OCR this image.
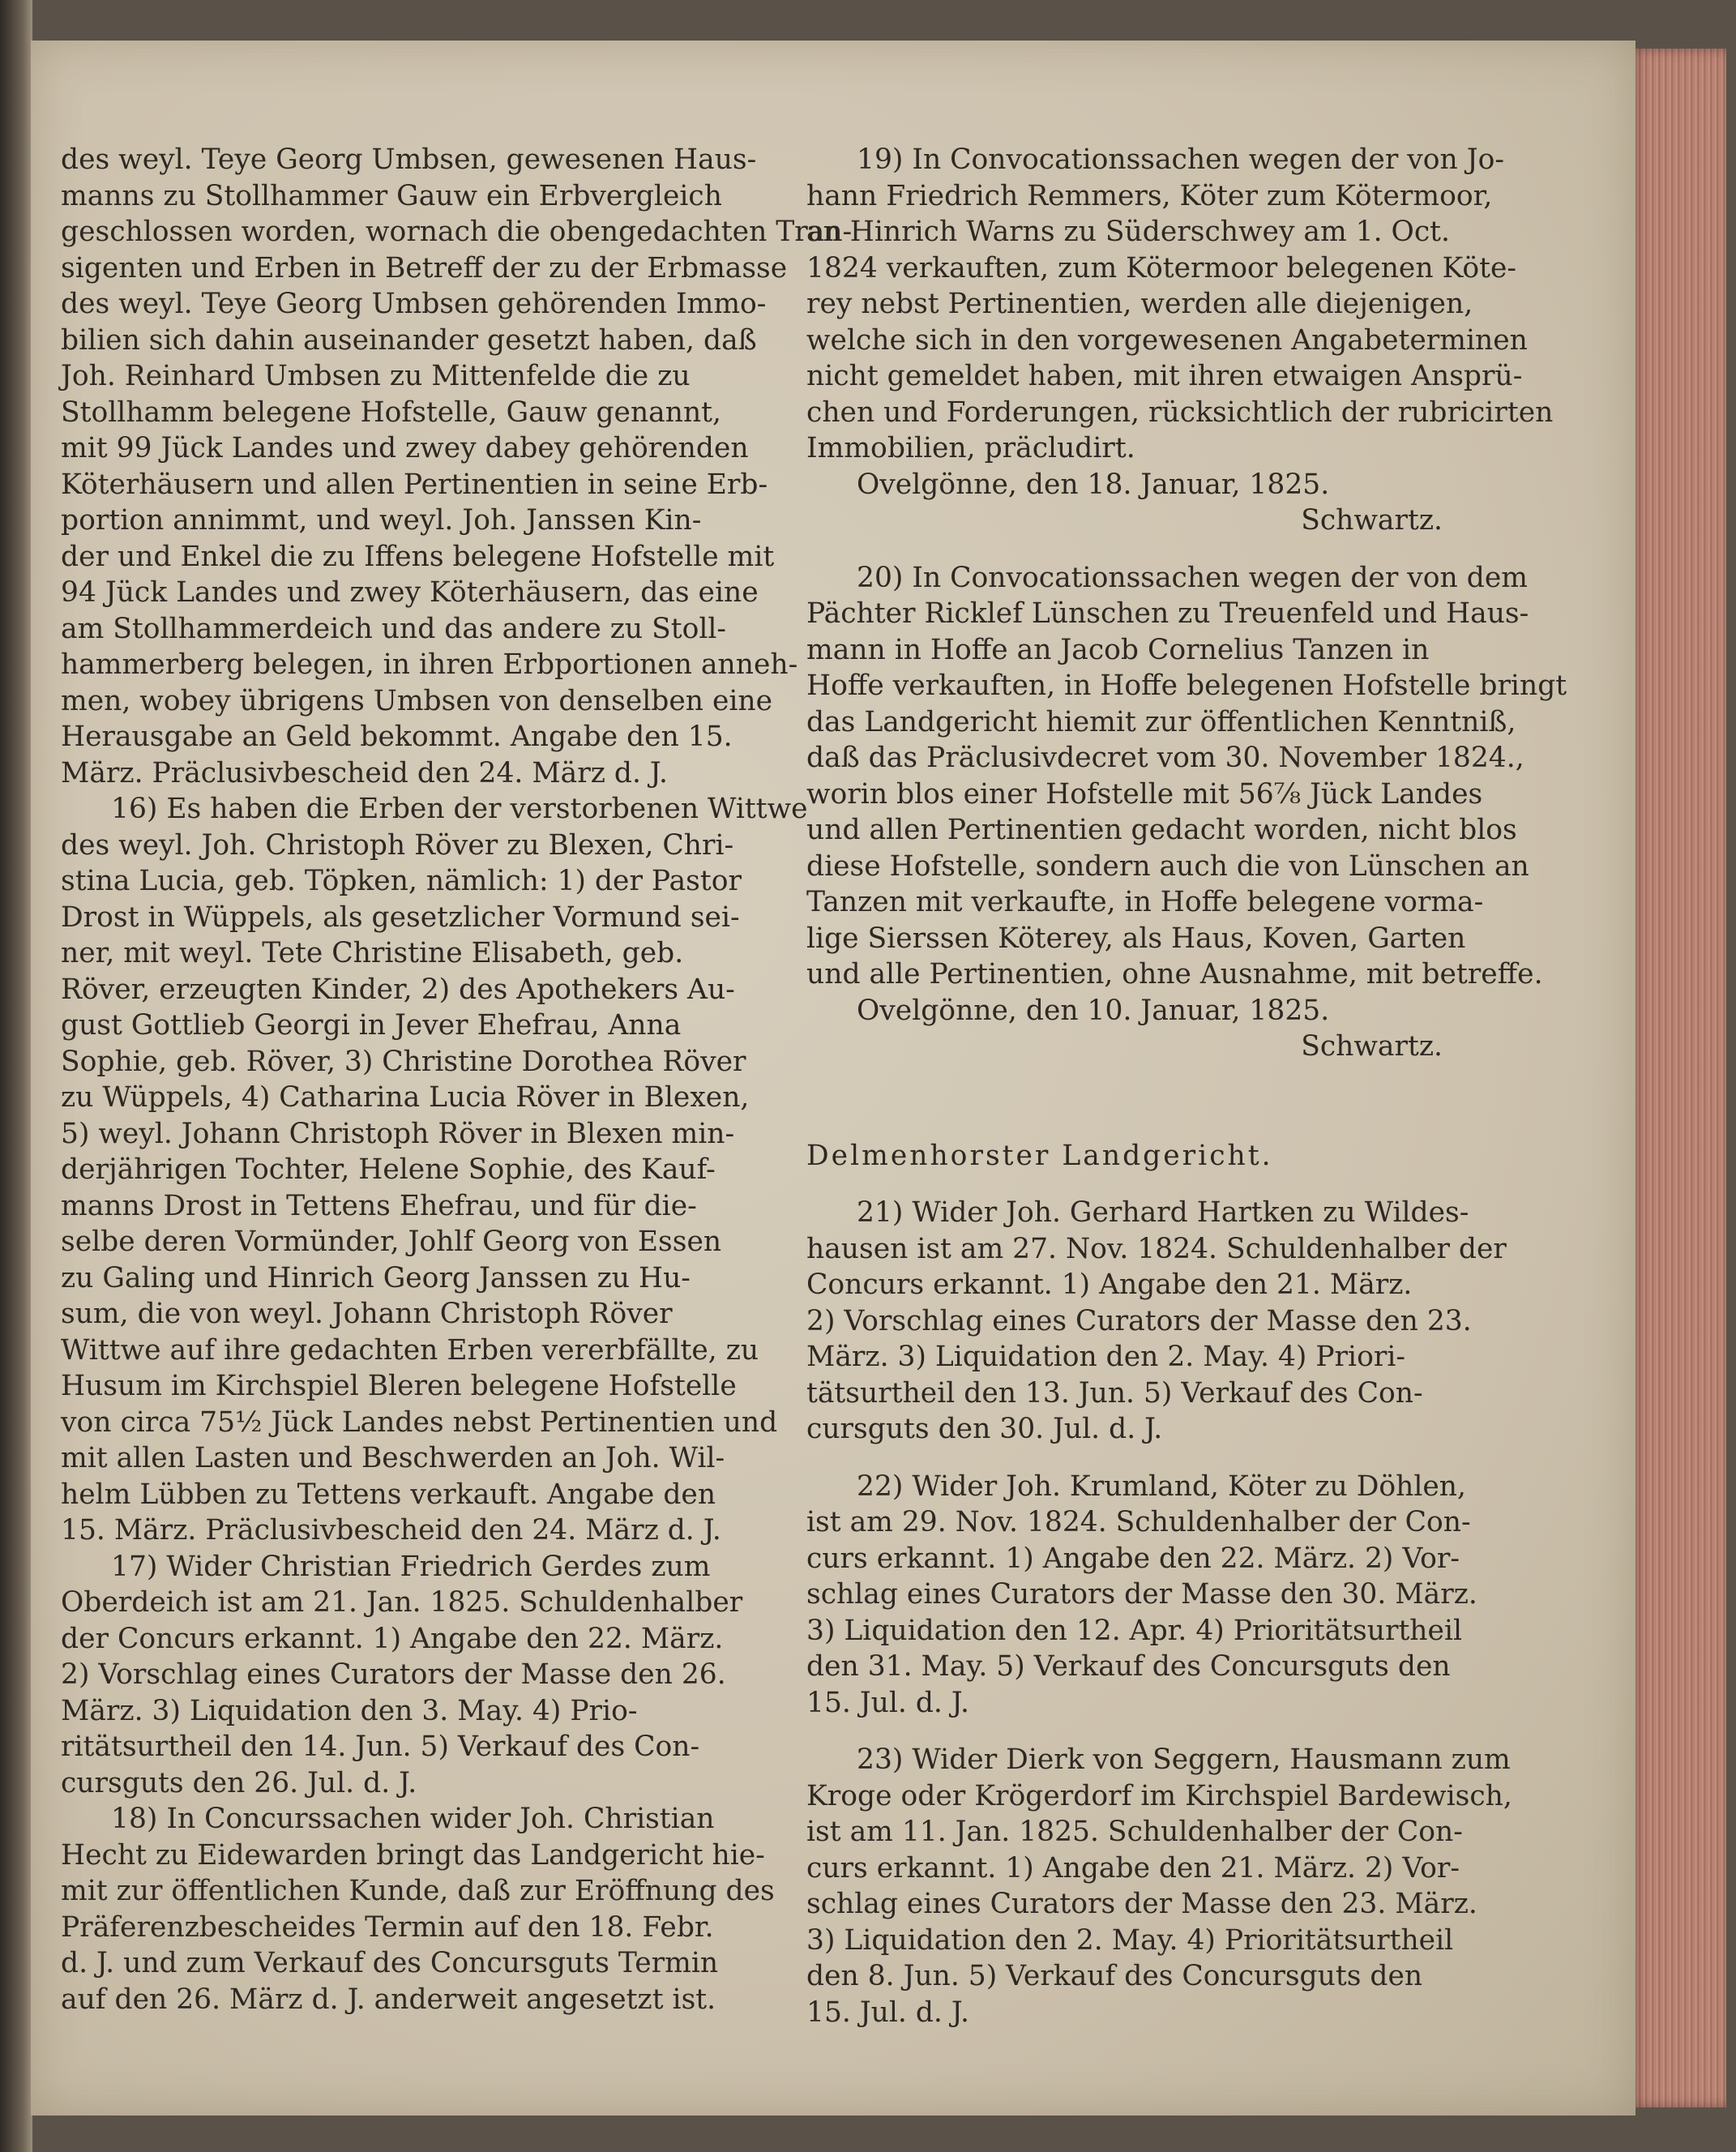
des weyl. Teye Georg Umbsen, gewesenen Haus-

manns zu Stollhammer Gauw ein Erbvergleich

geschlossen worden, wornach die obengedachten Tran-

sigenten und Erben in Betreff der zu der Erbmasse

des weyl. Teye Georg Umbsen gehörenden Immo-

bilien sich dahin auseinander gesetzt haben, daß

Joh. Reinhard Umbsen zu Mittenfelde die zu

Stollhamm belegene Hofstelle, Gauw genannt,

mit 99 Jück Landes und zwey dabey gehörenden

Köterhäusern und allen Pertinentien in seine Erb-

portion annimmt, und weyl. Joh. Janssen Kin-

der und Enkel die zu Iffens belegene Hofstelle mit

94 Jück Landes und zwey Köterhäusern, das eine

am Stollhammerdeich und das andere zu Stoll-

hammerberg belegen, in ihren Erbportionen anneh-

men, wobey übrigens Umbsen von denselben eine

Herausgabe an Geld bekommt. Angabe den 15.

März. Präclusivbescheid den 24. März d. J.

16) Es haben die Erben der verstorbenen Wittwe

des weyl. Joh. Christoph Röver zu Blexen, Chri-

stina Lucia, geb. Töpken, nämlich: 1) der Pastor

Drost in Wüppels, als gesetzlicher Vormund sei-

ner, mit weyl. Tete Christine Elisabeth, geb.

Röver, erzeugten Kinder, 2) des Apothekers Au-

gust Gottlieb Georgi in Jever Ehefrau, Anna

Sophie, geb. Röver, 3) Christine Dorothea Röver

zu Wüppels, 4) Catharina Lucia Röver in Blexen,

5) weyl. Johann Christoph Röver in Blexen min-

derjährigen Tochter, Helene Sophie, des Kauf-

manns Drost in Tettens Ehefrau, und für die-

selbe deren Vormünder, Johlf Georg von Essen

zu Galing und Hinrich Georg Janssen zu Hu-

sum, die von weyl. Johann Christoph Röver

Wittwe auf ihre gedachten Erben vererbfällte, zu

Husum im Kirchspiel Bleren belegene Hofstelle

von circa 75½ Jück Landes nebst Pertinentien und

mit allen Lasten und Beschwerden an Joh. Wil-

helm Lübben zu Tettens verkauft. Angabe den

15. März. Präclusivbescheid den 24. März d. J.

17) Wider Christian Friedrich Gerdes zum

Oberdeich ist am 21. Jan. 1825. Schuldenhalber

der Concurs erkannt. 1) Angabe den 22. März.

2) Vorschlag eines Curators der Masse den 26.

März. 3) Liquidation den 3. May. 4) Prio-

ritätsurtheil den 14. Jun. 5) Verkauf des Con-

cursguts den 26. Jul. d. J.

18) In Concurssachen wider Joh. Christian

Hecht zu Eidewarden bringt das Landgericht hie-

mit zur öffentlichen Kunde, daß zur Eröffnung des

Präferenzbescheides Termin auf den 18. Febr.

d. J. und zum Verkauf des Concursguts Termin

auf den 26. März d. J. anderweit angesetzt ist.

19) In Convocationssachen wegen der von Jo-

hann Friedrich Remmers, Köter zum Kötermoor,

an Hinrich Warns zu Süderschwey am 1. Oct.

1824 verkauften, zum Kötermoor belegenen Köte-

rey nebst Pertinentien, werden alle diejenigen,

welche sich in den vorgewesenen Angabeterminen

nicht gemeldet haben, mit ihren etwaigen Ansprü-

chen und Forderungen, rücksichtlich der rubricirten

Immobilien, präcludirt.

Ovelgönne, den 18. Januar, 1825.
Schwartz.

20) In Convocationssachen wegen der von dem

Pächter Ricklef Lünschen zu Treuenfeld und Haus-

mann in Hoffe an Jacob Cornelius Tanzen in

Hoffe verkauften, in Hoffe belegenen Hofstelle bringt

das Landgericht hiemit zur öffentlichen Kenntniß,

daß das Präclusivdecret vom 30. November 1824.,

worin blos einer Hofstelle mit 56⅞ Jück Landes

und allen Pertinentien gedacht worden, nicht blos

diese Hofstelle, sondern auch die von Lünschen an

Tanzen mit verkaufte, in Hoffe belegene vorma-

lige Sierssen Köterey, als Haus, Koven, Garten

und alle Pertinentien, ohne Ausnahme, mit betreffe.

Ovelgönne, den 10. Januar, 1825.
Schwartz.
Delmenhorster Landgericht.

21) Wider Joh. Gerhard Hartken zu Wildes-

hausen ist am 27. Nov. 1824. Schuldenhalber der

Concurs erkannt. 1) Angabe den 21. März.

2) Vorschlag eines Curators der Masse den 23.

März. 3) Liquidation den 2. May. 4) Priori-

tätsurtheil den 13. Jun. 5) Verkauf des Con-

cursguts den 30. Jul. d. J.

22) Wider Joh. Krumland, Köter zu Döhlen,

ist am 29. Nov. 1824. Schuldenhalber der Con-

curs erkannt. 1) Angabe den 22. März. 2) Vor-

schlag eines Curators der Masse den 30. März.

3) Liquidation den 12. Apr. 4) Prioritätsurtheil

den 31. May. 5) Verkauf des Concursguts den

15. Jul. d. J.

23) Wider Dierk von Seggern, Hausmann zum

Kroge oder Krögerdorf im Kirchspiel Bardewisch,

ist am 11. Jan. 1825. Schuldenhalber der Con-

curs erkannt. 1) Angabe den 21. März. 2) Vor-

schlag eines Curators der Masse den 23. März.

3) Liquidation den 2. May. 4) Prioritätsurtheil

den 8. Jun. 5) Verkauf des Concursguts den

15. Jul. d. J.
